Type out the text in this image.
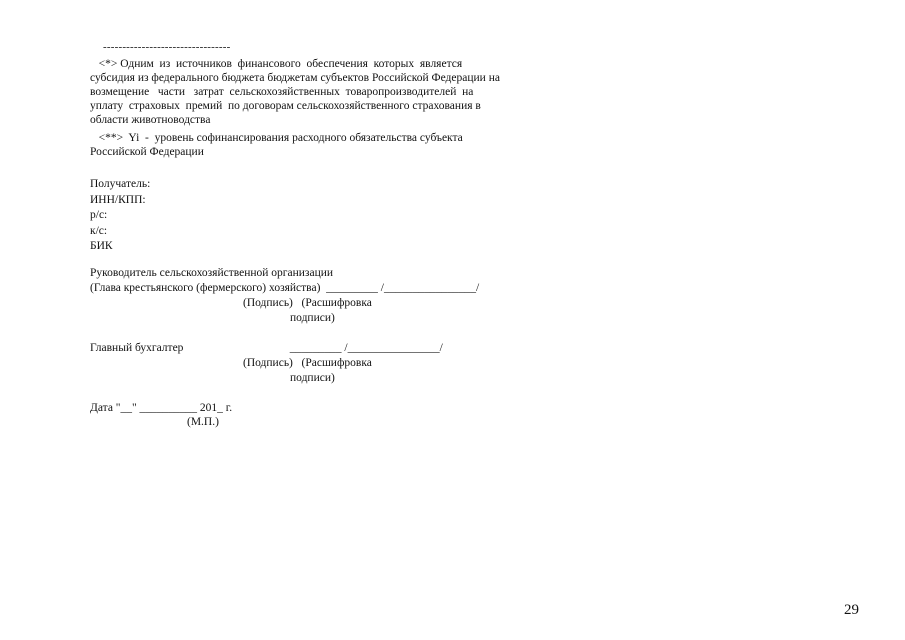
---------------------------------
<*> Одним  из  источников  финансового  обеспечения  которых  является
субсидия из федерального бюджета бюджетам субъектов Российской Федерации на
возмещение   части   затрат  сельскохозяйственных  товаропроизводителей  на
уплату  страховых  премий  по договорам сельскохозяйственного страхования в
области животноводства
<**>  Yi  -  уровень софинансирования расходного обязательства субъекта
Российской Федерации
Получатель:
ИНН/КПП:
р/с:
к/с:
БИК
Руководитель сельскохозяйственной организации
(Глава крестьянского (фермерского) хозяйства)  _________ /________________/
(Подпись)   (Расшифровка
подписи)
Главный бухгалтер                                     _________ /________________/
(Подпись)   (Расшифровка
подписи)
Дата "__" __________ 201_ г.
(М.П.)
29
